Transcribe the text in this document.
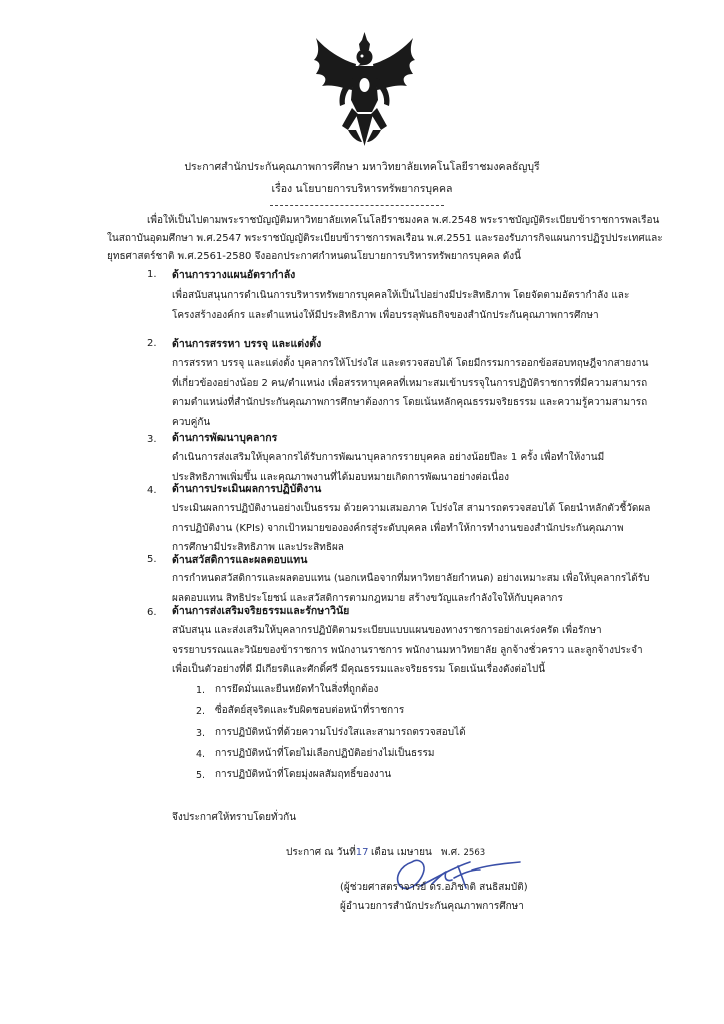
ประกาศสำนักประกันคุณภาพการศึกษา มหาวิทยาลัยเทคโนโลยีราชมงคลธัญบุรี
เรื่อง นโยบายการบริหารทรัพยากรบุคคล
เพื่อให้เป็นไปตามพระราชบัญญัติมหาวิทยาลัยเทคโนโลยีราชมงคล พ.ศ.2548 พระราชบัญญัติระเบียบข้าราชการพลเรือน
ในสถาบันอุดมศึกษา พ.ศ.2547 พระราชบัญญัติระเบียบข้าราชการพลเรือน พ.ศ.2551 และรองรับภารกิจแผนการปฏิรูปประเทศและ
ยุทธศาสตร์ชาติ พ.ศ.2561-2580 จึงออกประกาศกำหนดนโยบายการบริหารทรัพยากรบุคคล ดังนี้
1. ด้านการวางแผนอัตรากำลัง
เพื่อสนับสนุนการดำเนินการบริหารทรัพยากรบุคคลให้เป็นไปอย่างมีประสิทธิภาพ โดยจัดตามอัตรากำลัง และ
โครงสร้างองค์กร และตำแหน่งให้มีประสิทธิภาพ เพื่อบรรลุพันธกิจของสำนักประกันคุณภาพการศึกษา
2. ด้านการสรรหา บรรจุ และแต่งตั้ง
การสรรหา บรรจุ และแต่งตั้ง บุคลากรให้โปร่งใส และตรวจสอบได้ โดยมีกรรมการออกข้อสอบทฤษฎีจากสายงาน
ที่เกี่ยวข้องอย่างน้อย 2 คน/ตำแหน่ง เพื่อสรรหาบุคคลที่เหมาะสมเข้าบรรจุในการปฏิบัติราชการที่มีความสามารถ
ตามตำแหน่งที่สำนักประกันคุณภาพการศึกษาต้องการ โดยเน้นหลักคุณธรรมจริยธรรม และความรู้ความสามารถ
ควบคู่กัน
3. ด้านการพัฒนาบุคลากร
ดำเนินการส่งเสริมให้บุคลากรได้รับการพัฒนาบุคลากรรายบุคคล อย่างน้อยปีละ 1 ครั้ง เพื่อทำให้งานมี
ประสิทธิภาพเพิ่มขึ้น และคุณภาพงานที่ได้มอบหมายเกิดการพัฒนาอย่างต่อเนื่อง
4. ด้านการประเมินผลการปฏิบัติงาน
ประเมินผลการปฏิบัติงานอย่างเป็นธรรม ด้วยความเสมอภาค โปร่งใส สามารถตรวจสอบได้ โดยนำหลักตัวชี้วัดผล
การปฏิบัติงาน (KPIs) จากเป้าหมายขององค์กรสู่ระดับบุคคล เพื่อทำให้การทำงานของสำนักประกันคุณภาพ
การศึกษามีประสิทธิภาพ และประสิทธิผล
5. ด้านสวัสดิการและผลตอบแทน
การกำหนดสวัสดิการและผลตอบแทน (นอกเหนือจากที่มหาวิทยาลัยกำหนด) อย่างเหมาะสม เพื่อให้บุคลากรได้รับ
ผลตอบแทน สิทธิประโยชน์ และสวัสดิการตามกฎหมาย สร้างขวัญและกำลังใจให้กับบุคลากร
6. ด้านการส่งเสริมจริยธรรมและรักษาวินัย
สนับสนุน และส่งเสริมให้บุคลากรปฏิบัติตามระเบียบแบบแผนของทางราชการอย่างเคร่งครัด เพื่อรักษา
จรรยาบรรณและวินัยของข้าราชการ พนักงานราชการ พนักงานมหาวิทยาลัย ลูกจ้างชั่วคราว และลูกจ้างประจำ
เพื่อเป็นตัวอย่างที่ดี มีเกียรติและศักดิ์ศรี มีคุณธรรมและจริยธรรม โดยเน้นเรื่องดังต่อไปนี้
1. การยึดมั่นและยืนหยัดทำในสิ่งที่ถูกต้อง
2. ซื่อสัตย์สุจริตและรับผิดชอบต่อหน้าที่ราชการ
3. การปฏิบัติหน้าที่ด้วยความโปร่งใสและสามารถตรวจสอบได้
4. การปฏิบัติหน้าที่โดยไม่เลือกปฏิบัติอย่างไม่เป็นธรรม
5. การปฏิบัติหน้าที่โดยมุ่งผลสัมฤทธิ์ของงาน
จึงประกาศให้ทราบโดยทั่วกัน
ประกาศ ณ วันที่17 เดือน เมษายน พ.ศ. 2563
(ผู้ช่วยศาสตราจารย์ ดร.อภิชาติ สนธิสมบัติ)
ผู้อำนวยการสำนักประกันคุณภาพการศึกษา
